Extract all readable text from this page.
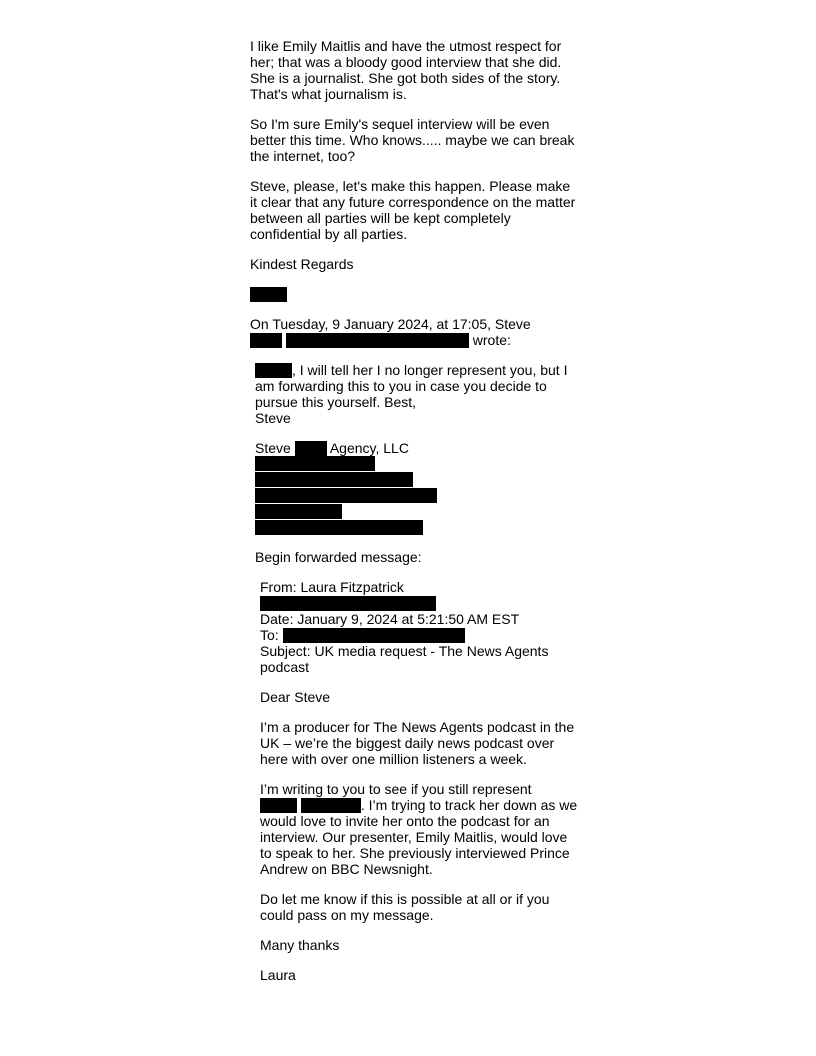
I like Emily Maitlis and have the utmost respect for her; that was a bloody good interview that she did. She is a journalist. She got both sides of the story. That's what journalism is.

So I'm sure Emily's sequel interview will be even better this time. Who knows..... maybe we can break the internet, too?

Steve, please, let's make this happen. Please make it clear that any future correspondence on the matter between all parties will be kept completely confidential by all parties.

Kindest Regards

On Tuesday, 9 January 2024, at 17:05, Steve
wrote:

, I will tell her I no longer represent you, but I am forwarding this to you in case you decide to pursue this yourself. Best,
Steve

Steve	Agency, LLC

Begin forwarded message:

From: Laura Fitzpatrick

Date: January 9, 2024 at 5:21:50 AM EST
To:
Subject: UK media request - The News Agents podcast

Dear Steve

I’m a producer for The News Agents podcast in the UK – we’re the biggest daily news podcast over here with over one million listeners a week.

I’m writing to you to see if you still represent
. I’m trying to track her down as we would love to invite her onto the podcast for an interview. Our presenter, Emily Maitlis, would love to speak to her. She previously interviewed Prince Andrew on BBC Newsnight.

Do let me know if this is possible at all or if you could pass on my message.

Many thanks

Laura
